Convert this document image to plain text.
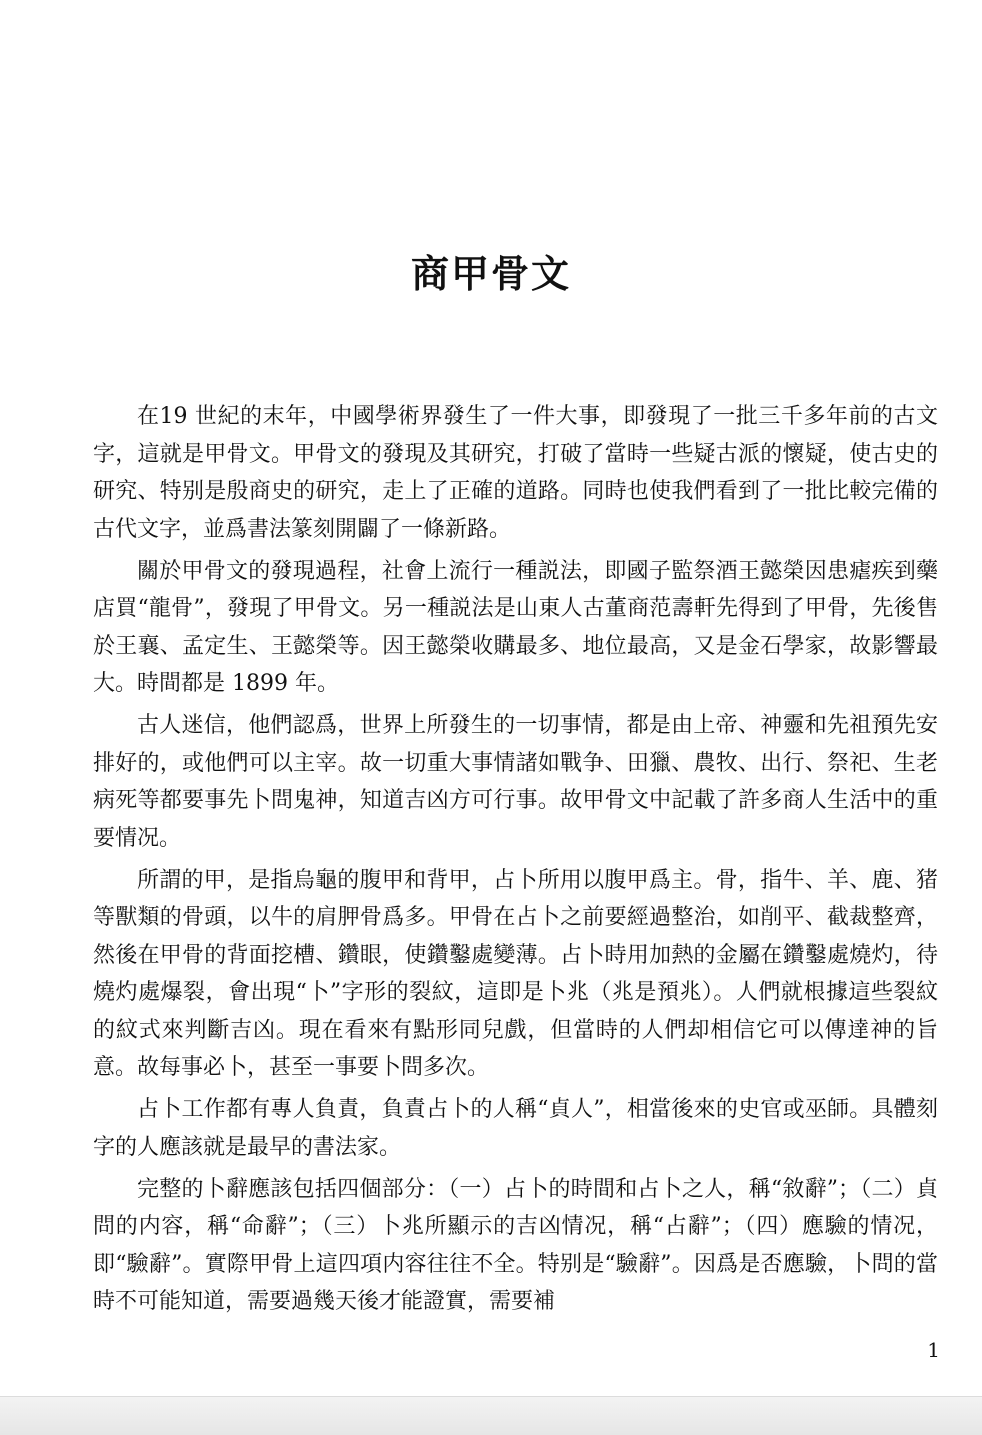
商甲骨文

在19 世紀的末年，中國學術界發生了一件大事，即發現了一批三千多年前的古文字，這就是甲骨文。甲骨文的發現及其研究，打破了當時一些疑古派的懷疑，使古史的研究、特别是殷商史的研究，走上了正確的道路。同時也使我們看到了一批比較完備的古代文字，並爲書法篆刻開闢了一條新路。

關於甲骨文的發現過程，社會上流行一種説法，即國子監祭酒王懿榮因患瘧疾到藥店買“龍骨”，發現了甲骨文。另一種説法是山東人古董商范壽軒先得到了甲骨，先後售於王襄、孟定生、王懿榮等。因王懿榮收購最多、地位最高，又是金石學家，故影響最大。時間都是 1899 年。

古人迷信，他們認爲，世界上所發生的一切事情，都是由上帝、神靈和先祖預先安排好的，或他們可以主宰。故一切重大事情諸如戰争、田獵、農牧、出行、祭祀、生老病死等都要事先卜問鬼神，知道吉凶方可行事。故甲骨文中記載了許多商人生活中的重要情况。

所謂的甲，是指烏龜的腹甲和背甲，占卜所用以腹甲爲主。骨，指牛、羊、鹿、猪等獸類的骨頭，以牛的肩胛骨爲多。甲骨在占卜之前要經過整治，如削平、截裁整齊，然後在甲骨的背面挖槽、鑽眼，使鑽鑿處變薄。占卜時用加熱的金屬在鑽鑿處燒灼，待燒灼處爆裂，會出現“卜”字形的裂紋，這即是卜兆（兆是預兆）。人們就根據這些裂紋的紋式來判斷吉凶。現在看來有點形同兒戲，但當時的人們却相信它可以傳達神的旨意。故每事必卜，甚至一事要卜問多次。

占卜工作都有專人負責，負責占卜的人稱“貞人”，相當後來的史官或巫師。具體刻字的人應該就是最早的書法家。

完整的卜辭應該包括四個部分：（一）占卜的時間和占卜之人，稱“敘辭”；（二）貞問的内容，稱“命辭”；（三）卜兆所顯示的吉凶情况，稱“占辭”；（四）應驗的情况，即“驗辭”。實際甲骨上這四項内容往往不全。特别是“驗辭”。因爲是否應驗，卜問的當時不可能知道，需要過幾天後才能證實，需要補

1
